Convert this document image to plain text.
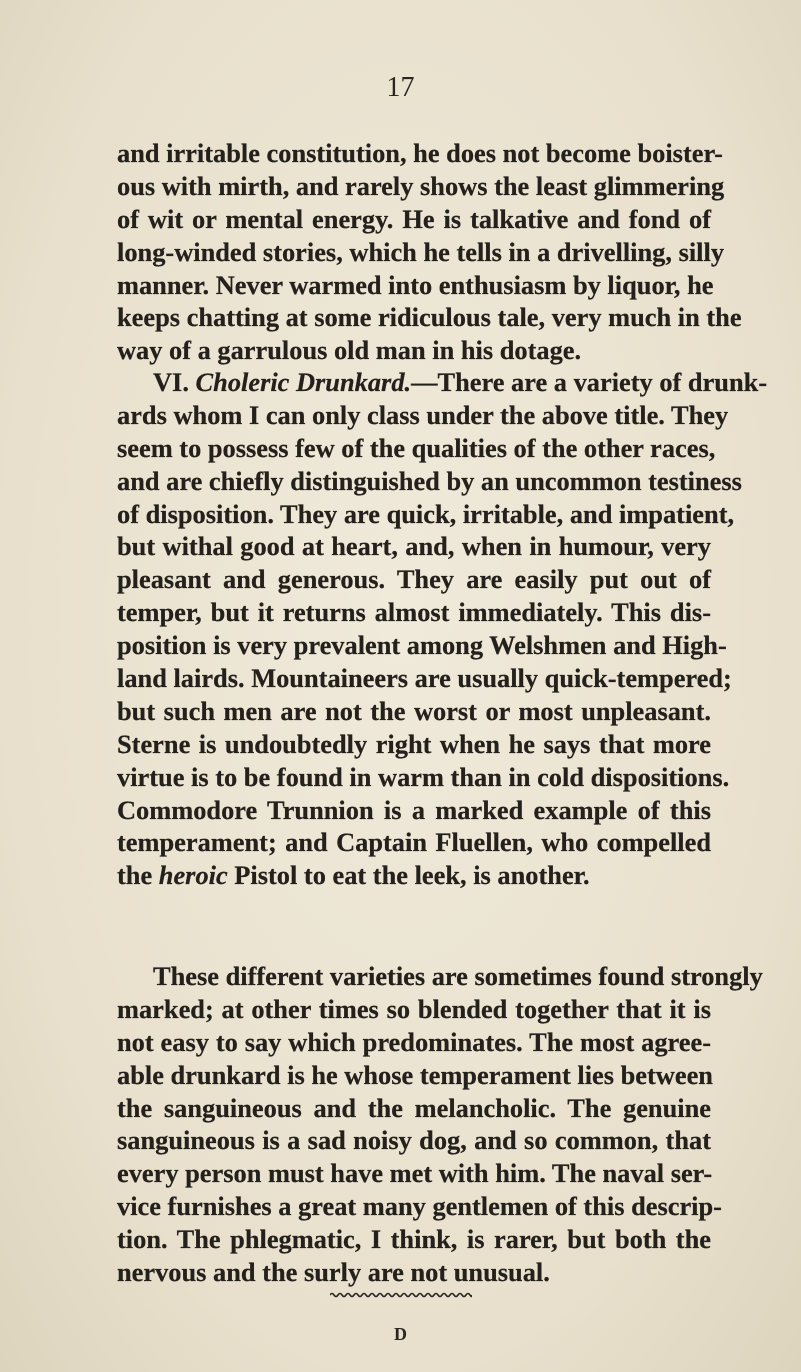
17
and irritable constitution, he does not become boister-
ous with mirth, and rarely shows the least glimmering
of wit or mental energy. He is talkative and fond of
long-winded stories, which he tells in a drivelling, silly
manner. Never warmed into enthusiasm by liquor, he
keeps chatting at some ridiculous tale, very much in the
way of a garrulous old man in his dotage.
VI. Choleric Drunkard.—There are a variety of drunk-
ards whom I can only class under the above title. They
seem to possess few of the qualities of the other races,
and are chiefly distinguished by an uncommon testiness
of disposition. They are quick, irritable, and impatient,
but withal good at heart, and, when in humour, very
pleasant and generous. They are easily put out of
temper, but it returns almost immediately. This dis-
position is very prevalent among Welshmen and High-
land lairds. Mountaineers are usually quick-tempered;
but such men are not the worst or most unpleasant.
Sterne is undoubtedly right when he says that more
virtue is to be found in warm than in cold dispositions.
Commodore Trunnion is a marked example of this
temperament; and Captain Fluellen, who compelled
the heroic Pistol to eat the leek, is another.
These different varieties are sometimes found strongly
marked; at other times so blended together that it is
not easy to say which predominates. The most agree-
able drunkard is he whose temperament lies between
the sanguineous and the melancholic. The genuine
sanguineous is a sad noisy dog, and so common, that
every person must have met with him. The naval ser-
vice furnishes a great many gentlemen of this descrip-
tion. The phlegmatic, I think, is rarer, but both the
nervous and the surly are not unusual.
D
